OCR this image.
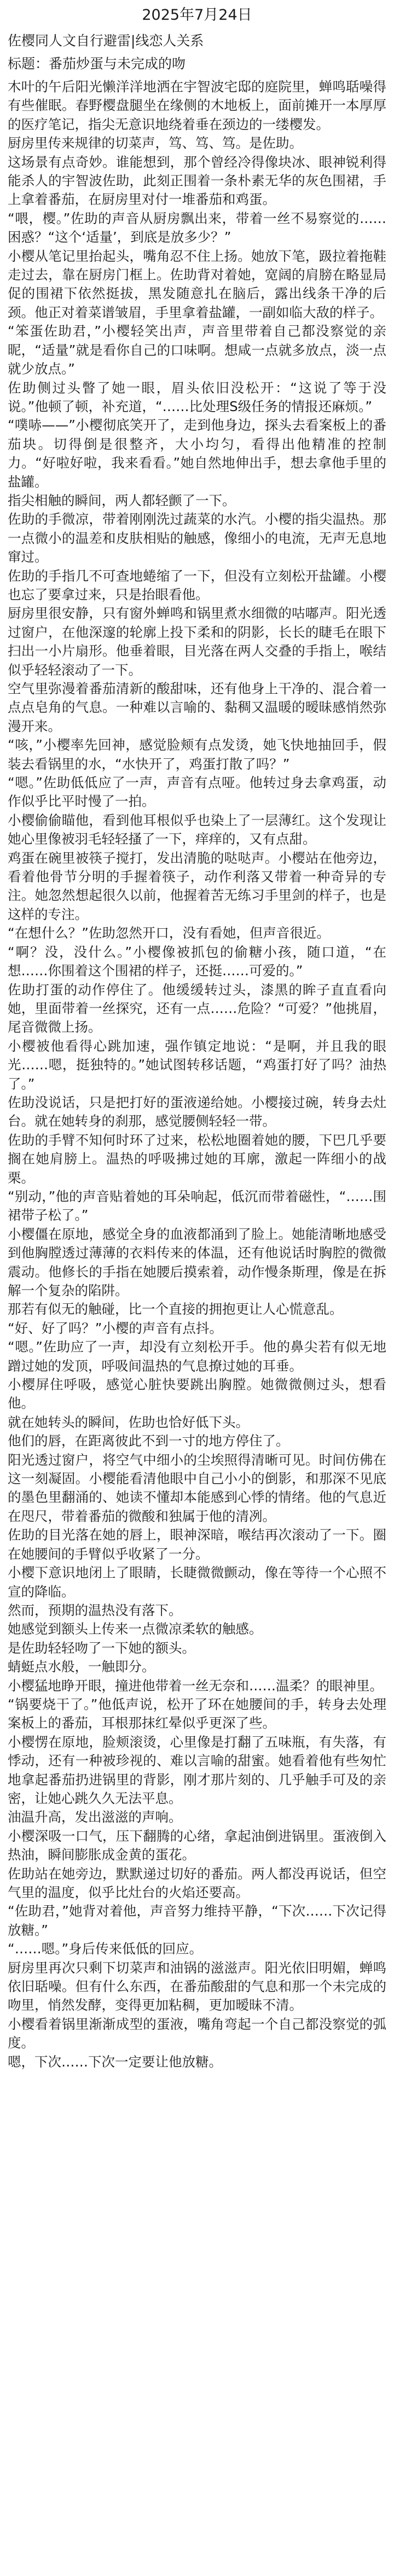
2025年7月24日
佐樱同人文自行避雷|线恋人关系
标题：番茄炒蛋与未完成的吻

木叶的午后阳光懒洋洋地洒在宇智波宅邸的庭院里，蝉鸣聒噪得有些催眠。春野樱盘腿坐在缘侧的木地板上，面前摊开一本厚厚的医疗笔记，指尖无意识地绕着垂在颈边的一缕樱发。

厨房里传来规律的切菜声，笃、笃、笃。是佐助。

这场景有点奇妙。谁能想到，那个曾经冷得像块冰、眼神锐利得能杀人的宇智波佐助，此刻正围着一条朴素无华的灰色围裙，手上拿着番茄，在厨房里对付一堆番茄和鸡蛋。

“喂，樱。”佐助的声音从厨房飘出来，带着一丝不易察觉的……困惑？“这个‘适量’，到底是放多少？”

小樱从笔记里抬起头，嘴角忍不住上扬。她放下笔，趿拉着拖鞋走过去，靠在厨房门框上。佐助背对着她，宽阔的肩膀在略显局促的围裙下依然挺拔，黑发随意扎在脑后，露出线条干净的后颈。他正对着菜谱皱眉，手里拿着盐罐，一副如临大敌的样子。

“笨蛋佐助君，”小樱轻笑出声，声音里带着自己都没察觉的亲昵，“适量”就是看你自己的口味啊。想咸一点就多放点，淡一点就少放点。”

佐助侧过头瞥了她一眼，眉头依旧没松开：“这说了等于没说。”他顿了顿，补充道，“……比处理S级任务的情报还麻烦。”

“噗哧——”小樱彻底笑开了，走到他身边，探头去看案板上的番茄块。切得倒是很整齐，大小均匀，看得出他精准的控制力。“好啦好啦，我来看看。”她自然地伸出手，想去拿他手里的盐罐。

指尖相触的瞬间，两人都轻颤了一下。

佐助的手微凉，带着刚刚洗过蔬菜的水汽。小樱的指尖温热。那一点微小的温差和皮肤相贴的触感，像细小的电流，无声无息地窜过。

佐助的手指几不可查地蜷缩了一下，但没有立刻松开盐罐。小樱也忘了要拿过来，只是抬眼看他。

厨房里很安静，只有窗外蝉鸣和锅里煮水细微的咕嘟声。阳光透过窗户，在他深邃的轮廓上投下柔和的阴影，长长的睫毛在眼下扫出一小片扇形。他垂着眼，目光落在两人交叠的手指上，喉结似乎轻轻滚动了一下。

空气里弥漫着番茄清新的酸甜味，还有他身上干净的、混合着一点点皂角的气息。一种难以言喻的、黏稠又温暖的暧昧感悄然弥漫开来。

“咳，”小樱率先回神，感觉脸颊有点发烫，她飞快地抽回手，假装去看锅里的水，“水快开了，鸡蛋打散了吗？”

“嗯。”佐助低低应了一声，声音有点哑。他转过身去拿鸡蛋，动作似乎比平时慢了一拍。

小樱偷偷瞄他，看到他耳根似乎也染上了一层薄红。这个发现让她心里像被羽毛轻轻搔了一下，痒痒的，又有点甜。

鸡蛋在碗里被筷子搅打，发出清脆的哒哒声。小樱站在他旁边，看着他骨节分明的手握着筷子，动作利落又带着一种奇异的专注。她忽然想起很久以前，他握着苦无练习手里剑的样子，也是这样的专注。

“在想什么？”佐助忽然开口，没有看她，但声音很近。

“啊？没，没什么。”小樱像被抓包的偷糖小孩，随口道，“在想……你围着这个围裙的样子，还挺……可爱的。”

佐助打蛋的动作停住了。他缓缓转过头，漆黑的眸子直直看向她，里面带着一丝探究，还有一点……危险？“可爱？”他挑眉，尾音微微上扬。

小樱被他看得心跳加速，强作镇定地说：“是啊，并且我的眼光……嗯，挺独特的。”她试图转移话题，“鸡蛋打好了吗？油热了。”

佐助没说话，只是把打好的蛋液递给她。小樱接过碗，转身去灶台。就在她转身的刹那，感觉腰侧轻轻一带。

佐助的手臂不知何时环了过来，松松地圈着她的腰，下巴几乎要搁在她肩膀上。温热的呼吸拂过她的耳廓，激起一阵细小的战栗。

“别动，”他的声音贴着她的耳朵响起，低沉而带着磁性，“……围裙带子松了。”

小樱僵在原地，感觉全身的血液都涌到了脸上。她能清晰地感受到他胸膛透过薄薄的衣料传来的体温，还有他说话时胸腔的微微震动。他修长的手指在她腰后摸索着，动作慢条斯理，像是在拆解一个复杂的陷阱。

那若有似无的触碰，比一个直接的拥抱更让人心慌意乱。

“好、好了吗？”小樱的声音有点抖。

“嗯。”佐助应了一声，却没有立刻松开手。他的鼻尖若有似无地蹭过她的发顶，呼吸间温热的气息撩过她的耳垂。

小樱屏住呼吸，感觉心脏快要跳出胸膛。她微微侧过头，想看他。

就在她转头的瞬间，佐助也恰好低下头。

他们的唇，在距离彼此不到一寸的地方停住了。

阳光透过窗户，将空气中细小的尘埃照得清晰可见。时间仿佛在这一刻凝固。小樱能看清他眼中自己小小的倒影，和那深不见底的墨色里翻涌的、她读不懂却本能感到心悸的情绪。他的气息近在咫尺，带着番茄的微酸和独属于他的清冽。

佐助的目光落在她的唇上，眼神深暗，喉结再次滚动了一下。圈在她腰间的手臂似乎收紧了一分。

小樱下意识地闭上了眼睛，长睫微微颤动，像在等待一个心照不宣的降临。

然而，预期的温热没有落下。

她感觉到额头上传来一点微凉柔软的触感。

是佐助轻轻吻了一下她的额头。

蜻蜓点水般，一触即分。

小樱猛地睁开眼，撞进他带着一丝无奈和……温柔？的眼神里。

“锅要烧干了。”他低声说，松开了环在她腰间的手，转身去处理案板上的番茄，耳根那抹红晕似乎更深了些。

小樱愣在原地，脸颊滚烫，心里像是打翻了五味瓶，有失落，有悸动，还有一种被珍视的、难以言喻的甜蜜。她看着他有些匆忙地拿起番茄扔进锅里的背影，刚才那片刻的、几乎触手可及的亲密，让她心跳久久无法平息。

油温升高，发出滋滋的声响。

小樱深吸一口气，压下翻腾的心绪，拿起油倒进锅里。蛋液倒入热油，瞬间膨胀成金黄的蛋花。

佐助站在她旁边，默默递过切好的番茄。两人都没再说话，但空气里的温度，似乎比灶台的火焰还要高。

“佐助君，”她背对着他，声音努力维持平静，“下次……下次记得放糖。”

“……嗯。”身后传来低低的回应。

厨房里再次只剩下切菜声和油锅的滋滋声。阳光依旧明媚，蝉鸣依旧聒噪。但有什么东西，在番茄酸甜的气息和那一个未完成的吻里，悄然发酵，变得更加粘稠，更加暧昧不清。

小樱看着锅里渐渐成型的蛋液，嘴角弯起一个自己都没察觉的弧度。

嗯，下次……下次一定要让他放糖。
